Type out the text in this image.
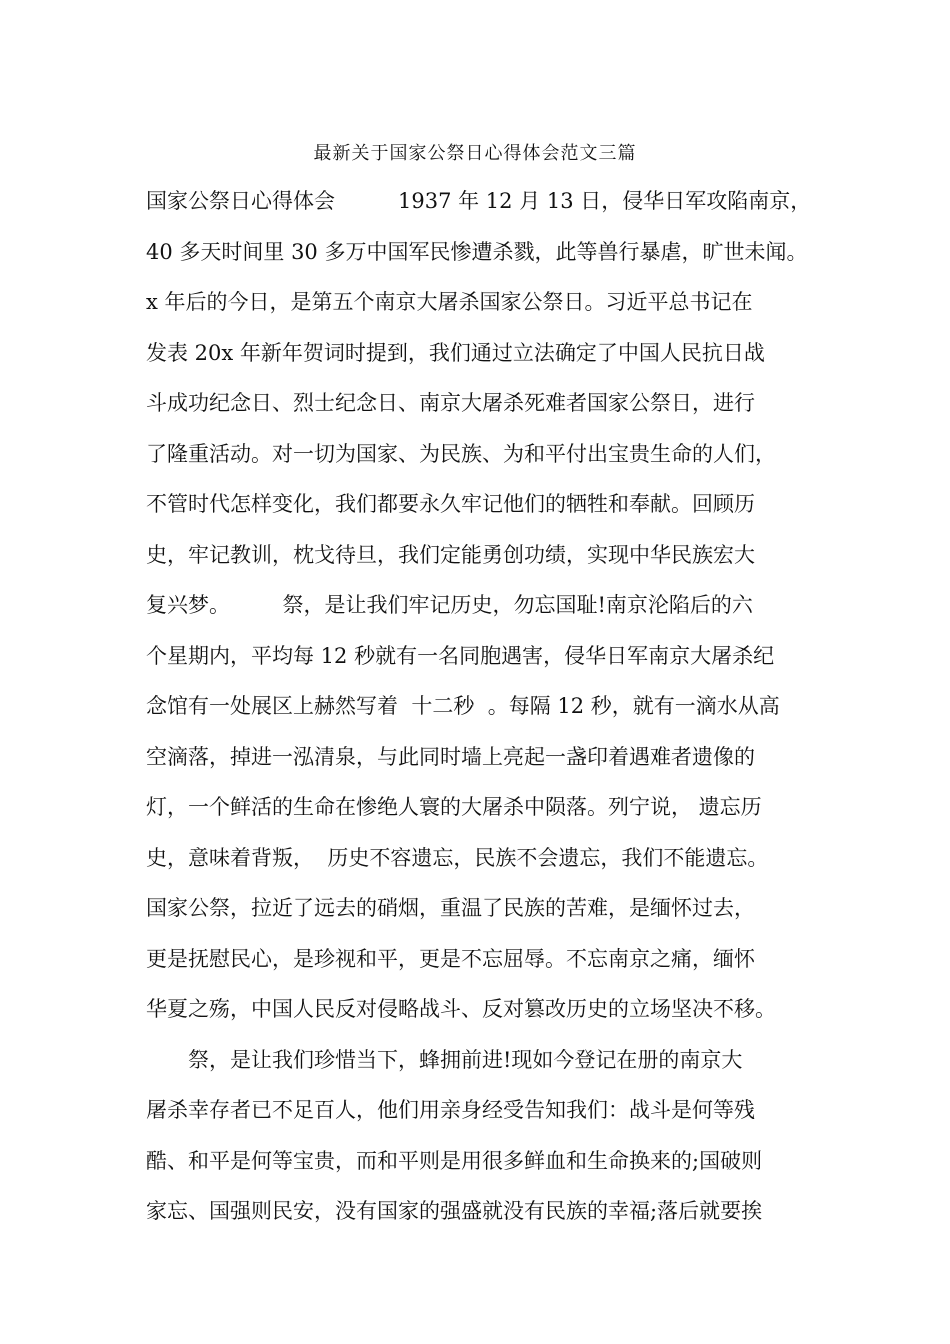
最新关于国家公祭日心得体会范文三篇
国家公祭日心得体会　　　1937 年 12 月 13 日，侵华日军攻陷南京，
40 多天时间里 30 多万中国军民惨遭杀戮，此等兽行暴虐，旷世未闻。
x 年后的今日，是第五个南京大屠杀国家公祭日。习近平总书记在
发表 20x 年新年贺词时提到，我们通过立法确定了中国人民抗日战
斗成功纪念日、烈士纪念日、南京大屠杀死难者国家公祭日，进行
了隆重活动。对一切为国家、为民族、为和平付出宝贵生命的人们，
不管时代怎样变化，我们都要永久牢记他们的牺牲和奉献。回顾历
史，牢记教训，枕戈待旦，我们定能勇创功绩，实现中华民族宏大
复兴梦。　　　祭，是让我们牢记历史，勿忘国耻!南京沦陷后的六
个星期内，平均每 12 秒就有一名同胞遇害，侵华日军南京大屠杀纪
念馆有一处展区上赫然写着  十二秒  。每隔 12 秒，就有一滴水从高
空滴落，掉进一泓清泉，与此同时墙上亮起一盏印着遇难者遗像的
灯，一个鲜活的生命在惨绝人寰的大屠杀中陨落。列宁说， 遗忘历
史，意味着背叛，  历史不容遗忘，民族不会遗忘，我们不能遗忘。
国家公祭，拉近了远去的硝烟，重温了民族的苦难，是缅怀过去，
更是抚慰民心，是珍视和平，更是不忘屈辱。不忘南京之痛，缅怀
华夏之殇，中国人民反对侵略战斗、反对篡改历史的立场坚决不移。
　　祭，是让我们珍惜当下，蜂拥前进!现如今登记在册的南京大
屠杀幸存者已不足百人，他们用亲身经受告知我们：战斗是何等残
酷、和平是何等宝贵，而和平则是用很多鲜血和生命换来的;国破则
家忘、国强则民安，没有国家的强盛就没有民族的幸福;落后就要挨
